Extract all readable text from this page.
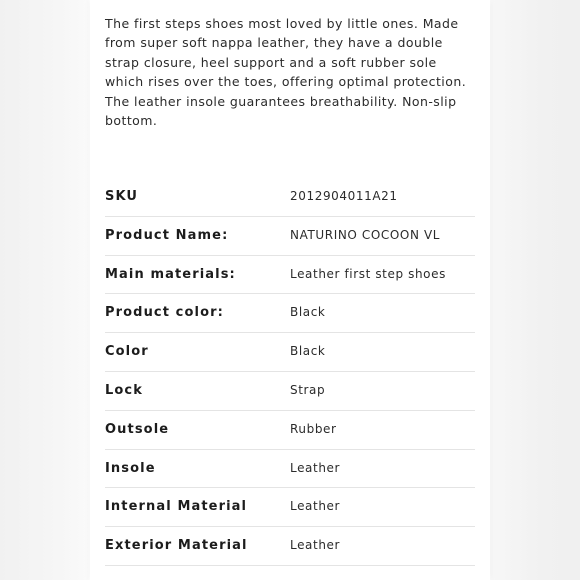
The first steps shoes most loved by little ones. Made from super soft nappa leather, they have a double strap closure, heel support and a soft rubber sole which rises over the toes, offering optimal protection. The leather insole guarantees breathability. Non-slip bottom.

SKU	2012904011A21
Product Name:	NATURINO COCOON VL
Main materials:	Leather first step shoes
Product color:	Black
Color	Black
Lock	Strap
Outsole	Rubber
Insole	Leather
Internal Material	Leather
Exterior Material	Leather
